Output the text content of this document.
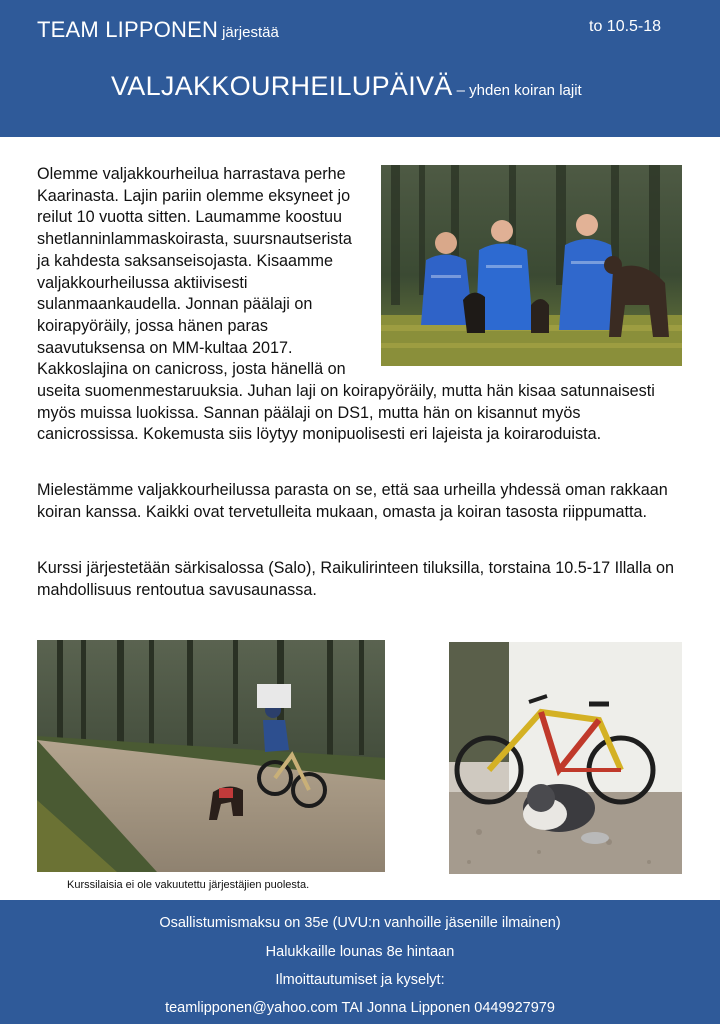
TEAM LIPPONEN järjestää	to 10.5-18
VALJAKKOURHEILUPÄIVÄ – yhden koiran lajit
Olemme valjakkourheilua harrastava perhe Kaarinasta. Lajin pariin olemme eksyneet jo reilut 10 vuotta sitten. Laumamme koostuu shetlanninlammaskoirasta, suursnautserista ja kahdesta saksanseisojasta. Kisaamme valjakkourheilussa aktiivisesti sulanmaankaudella. Jonnan päälaji on koirapyöräily, jossa hänen paras saavutuksensa on MM-kultaa 2017. Kakkoslajina on canicross, josta hänellä on useita suomenmestaruuksia. Juhan laji on koirapyöräily, mutta hän kisaa satunnaisesti myös muissa luokissa. Sannan päälaji on DS1, mutta hän on kisannut myös canicrossissa. Kokemusta siis löytyy monipuolisesti eri lajeista ja koiraroduista.

Mielestämme valjakkourheilussa parasta on se, että saa urheilla yhdessä oman rakkaan koiran kanssa. Kaikki ovat tervetulleita mukaan, omasta ja koiran tasosta riippumatta.

Kurssi järjestetään särkisalossa (Salo), Raikulirinteen tiluksilla, torstaina 10.5-17 Illalla on mahdollisuus rentoutua savusaunassa.

Kurssilaisia ei ole vakuutettu järjestäjien puolesta.

Osallistumismaksu on 35e (UVU:n vanhoille jäsenille ilmainen)

Halukkaille lounas 8e hintaan

Ilmoittautumiset ja kyselyt:

teamlipponen@yahoo.com TAI Jonna Lipponen 0449927979
